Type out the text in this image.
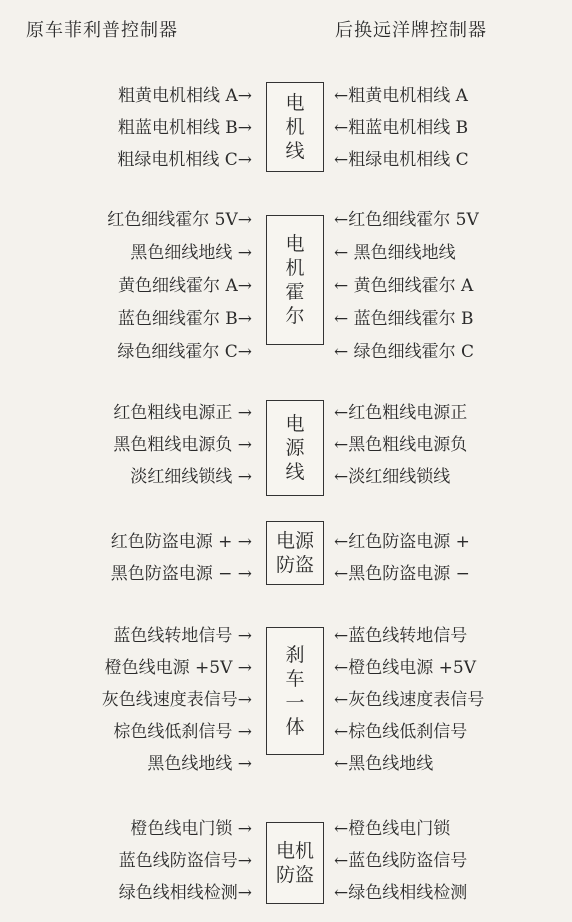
原车菲利普控制器	后换远洋牌控制器
粗黄电机相线 A→
粗蓝电机相线 B→
粗绿电机相线 C→
电
机
线
←粗黄电机相线 A
←粗蓝电机相线 B
←粗绿电机相线 C
红色细线霍尔 5V→
黑色细线地线 →
黄色细线霍尔 A→
蓝色细线霍尔 B→
绿色细线霍尔 C→
电
机
霍
尔
←红色细线霍尔 5V
← 黑色细线地线
← 黄色细线霍尔 A
← 蓝色细线霍尔 B
← 绿色细线霍尔 C
红色粗线电源正 →
黑色粗线电源负 →
淡红细线锁线 →
电
源
线
←红色粗线电源正
←黑色粗线电源负
←淡红细线锁线
红色防盗电源 + →
黑色防盗电源 − →
电源
防盗
←红色防盗电源 +
←黑色防盗电源 −
蓝色线转地信号 →
橙色线电源 +5V →
灰色线速度表信号→
棕色线低刹信号 →
黑色线地线 →
刹
车
一
体
←蓝色线转地信号
←橙色线电源 +5V
←灰色线速度表信号
←棕色线低刹信号
←黑色线地线
橙色线电门锁 →
蓝色线防盗信号→
绿色线相线检测→
电机
防盗
←橙色线电门锁
←蓝色线防盗信号
←绿色线相线检测
